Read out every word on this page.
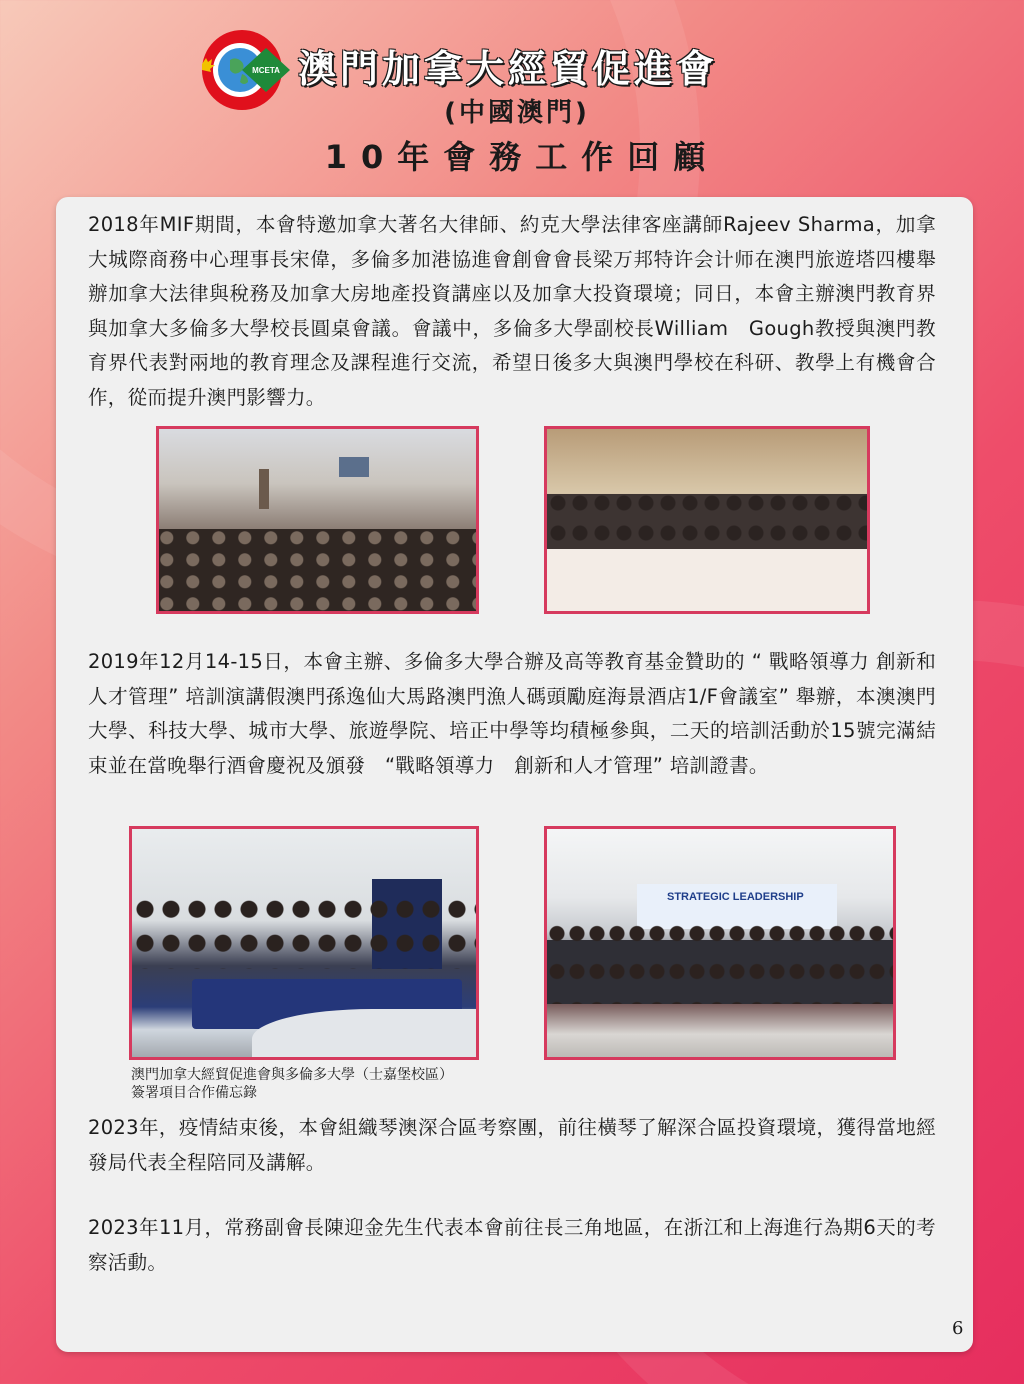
MCETA 澳門加拿大經貿促進會
(中國澳門)
10年會務工作回顧

2018年MIF期間，本會特邀加拿大著名大律師、約克大學法律客座講師Rajeev Sharma，加拿大城際商務中心理事長宋偉，多倫多加港協進會創會會長梁万邦特许会计师在澳門旅遊塔四樓舉辦加拿大法律與稅務及加拿大房地產投資講座以及加拿大投資環境；同日，本會主辦澳門教育界與加拿大多倫多大學校長圓桌會議。會議中，多倫多大學副校長William　Gough教授與澳門教育界代表對兩地的教育理念及課程進行交流，希望日後多大與澳門學校在科研、教學上有機會合作，從而提升澳門影響力。

2019年12月14-15日，本會主辦、多倫多大學合辦及高等教育基金贊助的 “ 戰略領導力 創新和人才管理” 培訓演講假澳門孫逸仙大馬路澳門漁人碼頭勵庭海景酒店1/F會議室” 舉辦，本澳澳門大學、科技大學、城市大學、旅遊學院、培正中學等均積極參與，二天的培訓活動於15號完滿結束並在當晚舉行酒會慶祝及頒發　“戰略領導力　創新和人才管理” 培訓證書。

STRATEGIC LEADERSHIP
澳門加拿大經貿促進會與多倫多大學（士嘉堡校區）
簽署項目合作備忘錄

2023年，疫情結束後，本會組織琴澳深合區考察團，前往橫琴了解深合區投資環境，獲得當地經發局代表全程陪同及講解。

2023年11月，常務副會長陳迎金先生代表本會前往長三角地區，在浙江和上海進行為期6天的考察活動。

6
